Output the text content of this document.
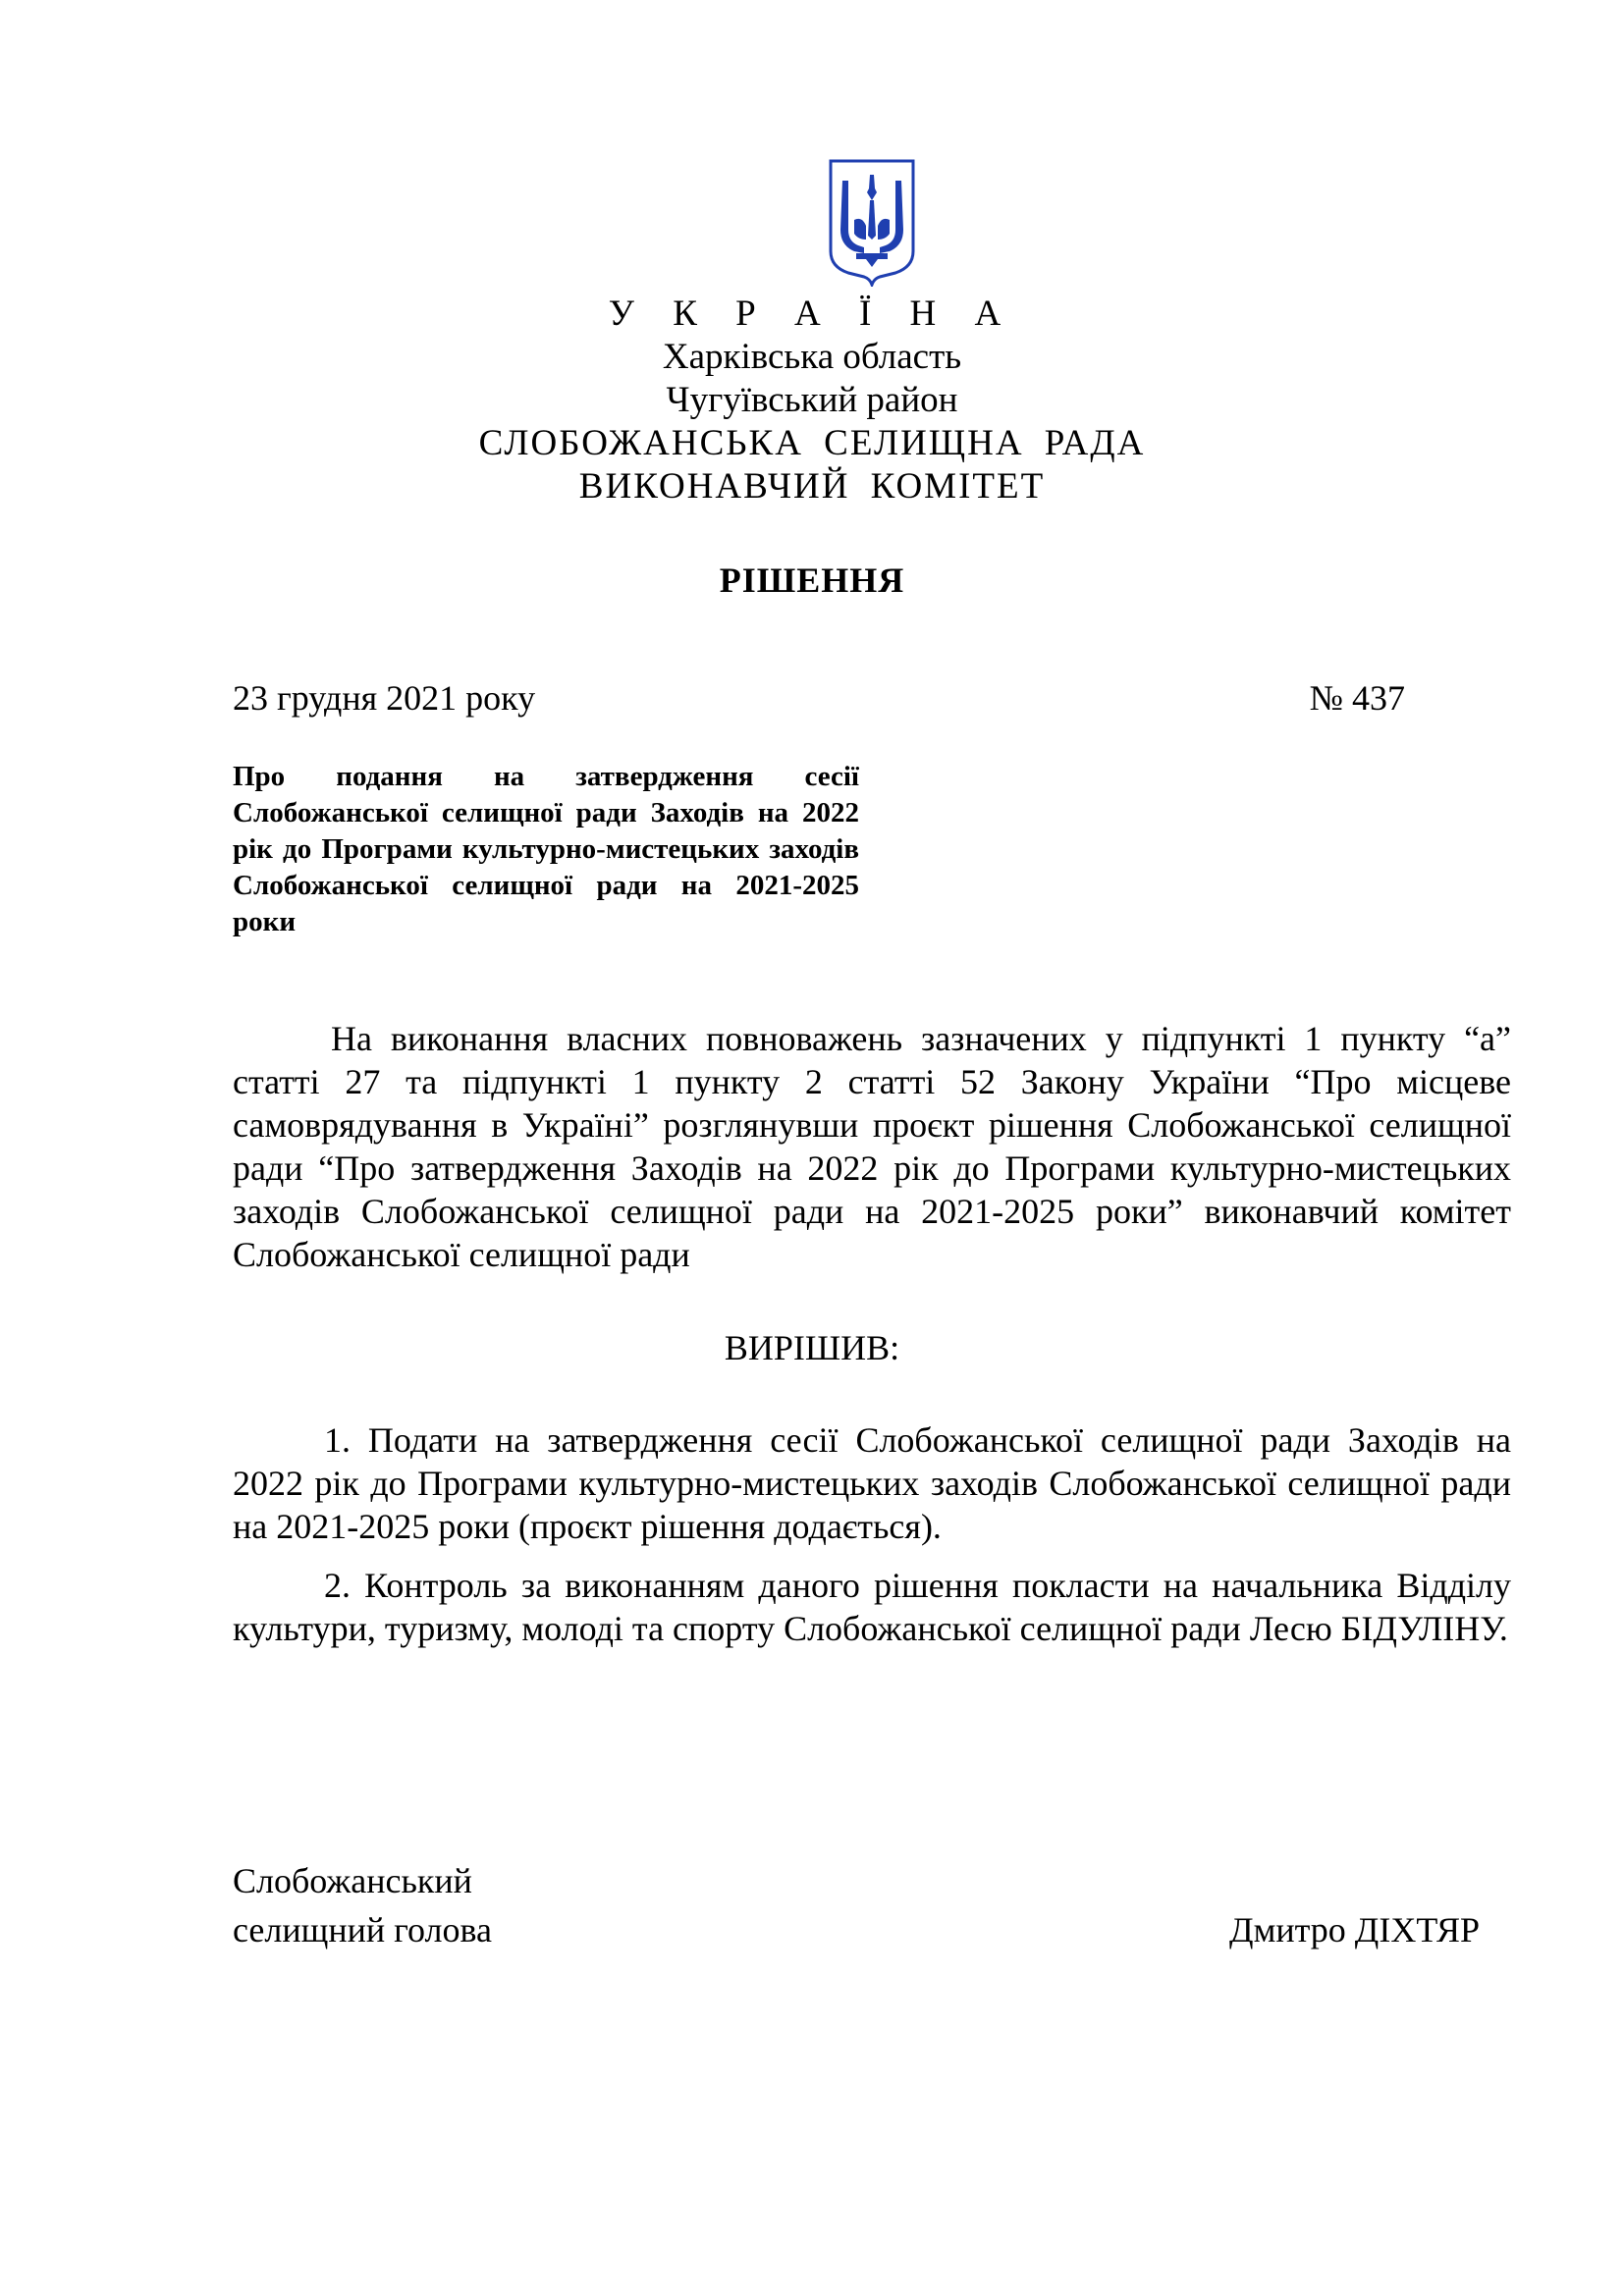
У К Р А Ї Н А
Харківська область
Чугуївський район
СЛОБОЖАНСЬКА СЕЛИЩНА РАДА
ВИКОНАВЧИЙ КОМІТЕТ
РІШЕННЯ
23 грудня 2021 року	№ 437
Про подання на затвердження сесії Слобожанської селищної ради Заходів на 2022 рік до Програми культурно-мистецьких заходів Слобожанської селищної ради на 2021-2025 роки

На виконання власних повноважень зазначених у підпункті 1 пункту “а” статті 27 та підпункті 1 пункту 2 статті 52 Закону України “Про місцеве самоврядування в Україні” розглянувши проєкт рішення Слобожанської селищної ради “Про затвердження Заходів на 2022 рік до Програми культурно-мистецьких заходів Слобожанської селищної ради на 2021-2025 роки” виконавчий комітет Слобожанської селищної ради

ВИРІШИВ:

1. Подати на затвердження сесії Слобожанської селищної ради Заходів на 2022 рік до Програми культурно-мистецьких заходів Слобожанської селищної ради на 2021-2025 роки (проєкт рішення додається).

2. Контроль за виконанням даного рішення покласти на начальника Відділу культури, туризму, молоді та спорту Слобожанської селищної ради Лесю БІДУЛІНУ.

Слобожанський
селищний голова	Дмитро ДІХТЯР
